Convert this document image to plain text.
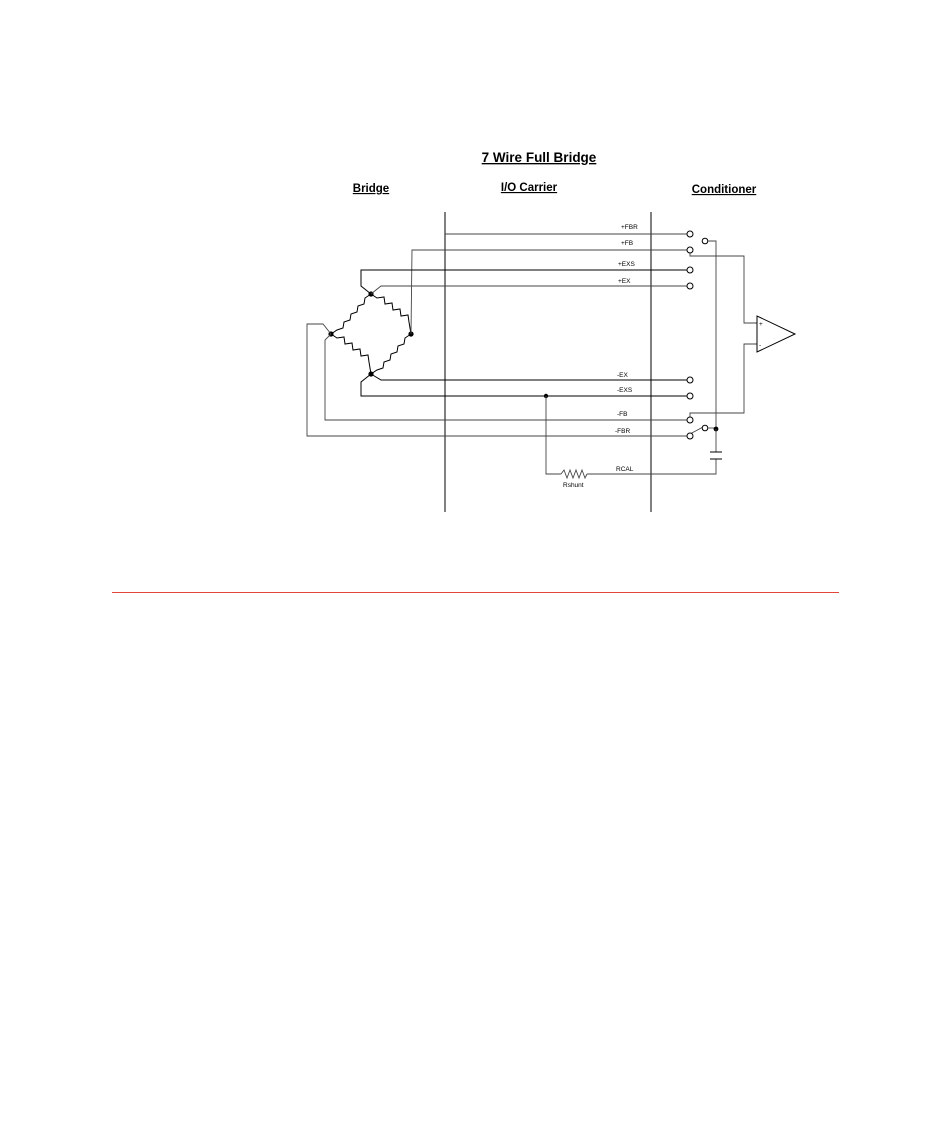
7 Wire Full Bridge
Bridge	I/O Carrier	Conditioner
+
-
+FBR
+FB
+EXS
+EX
-EX
-EXS
-FB
-FBR
RCAL
Rshunt
